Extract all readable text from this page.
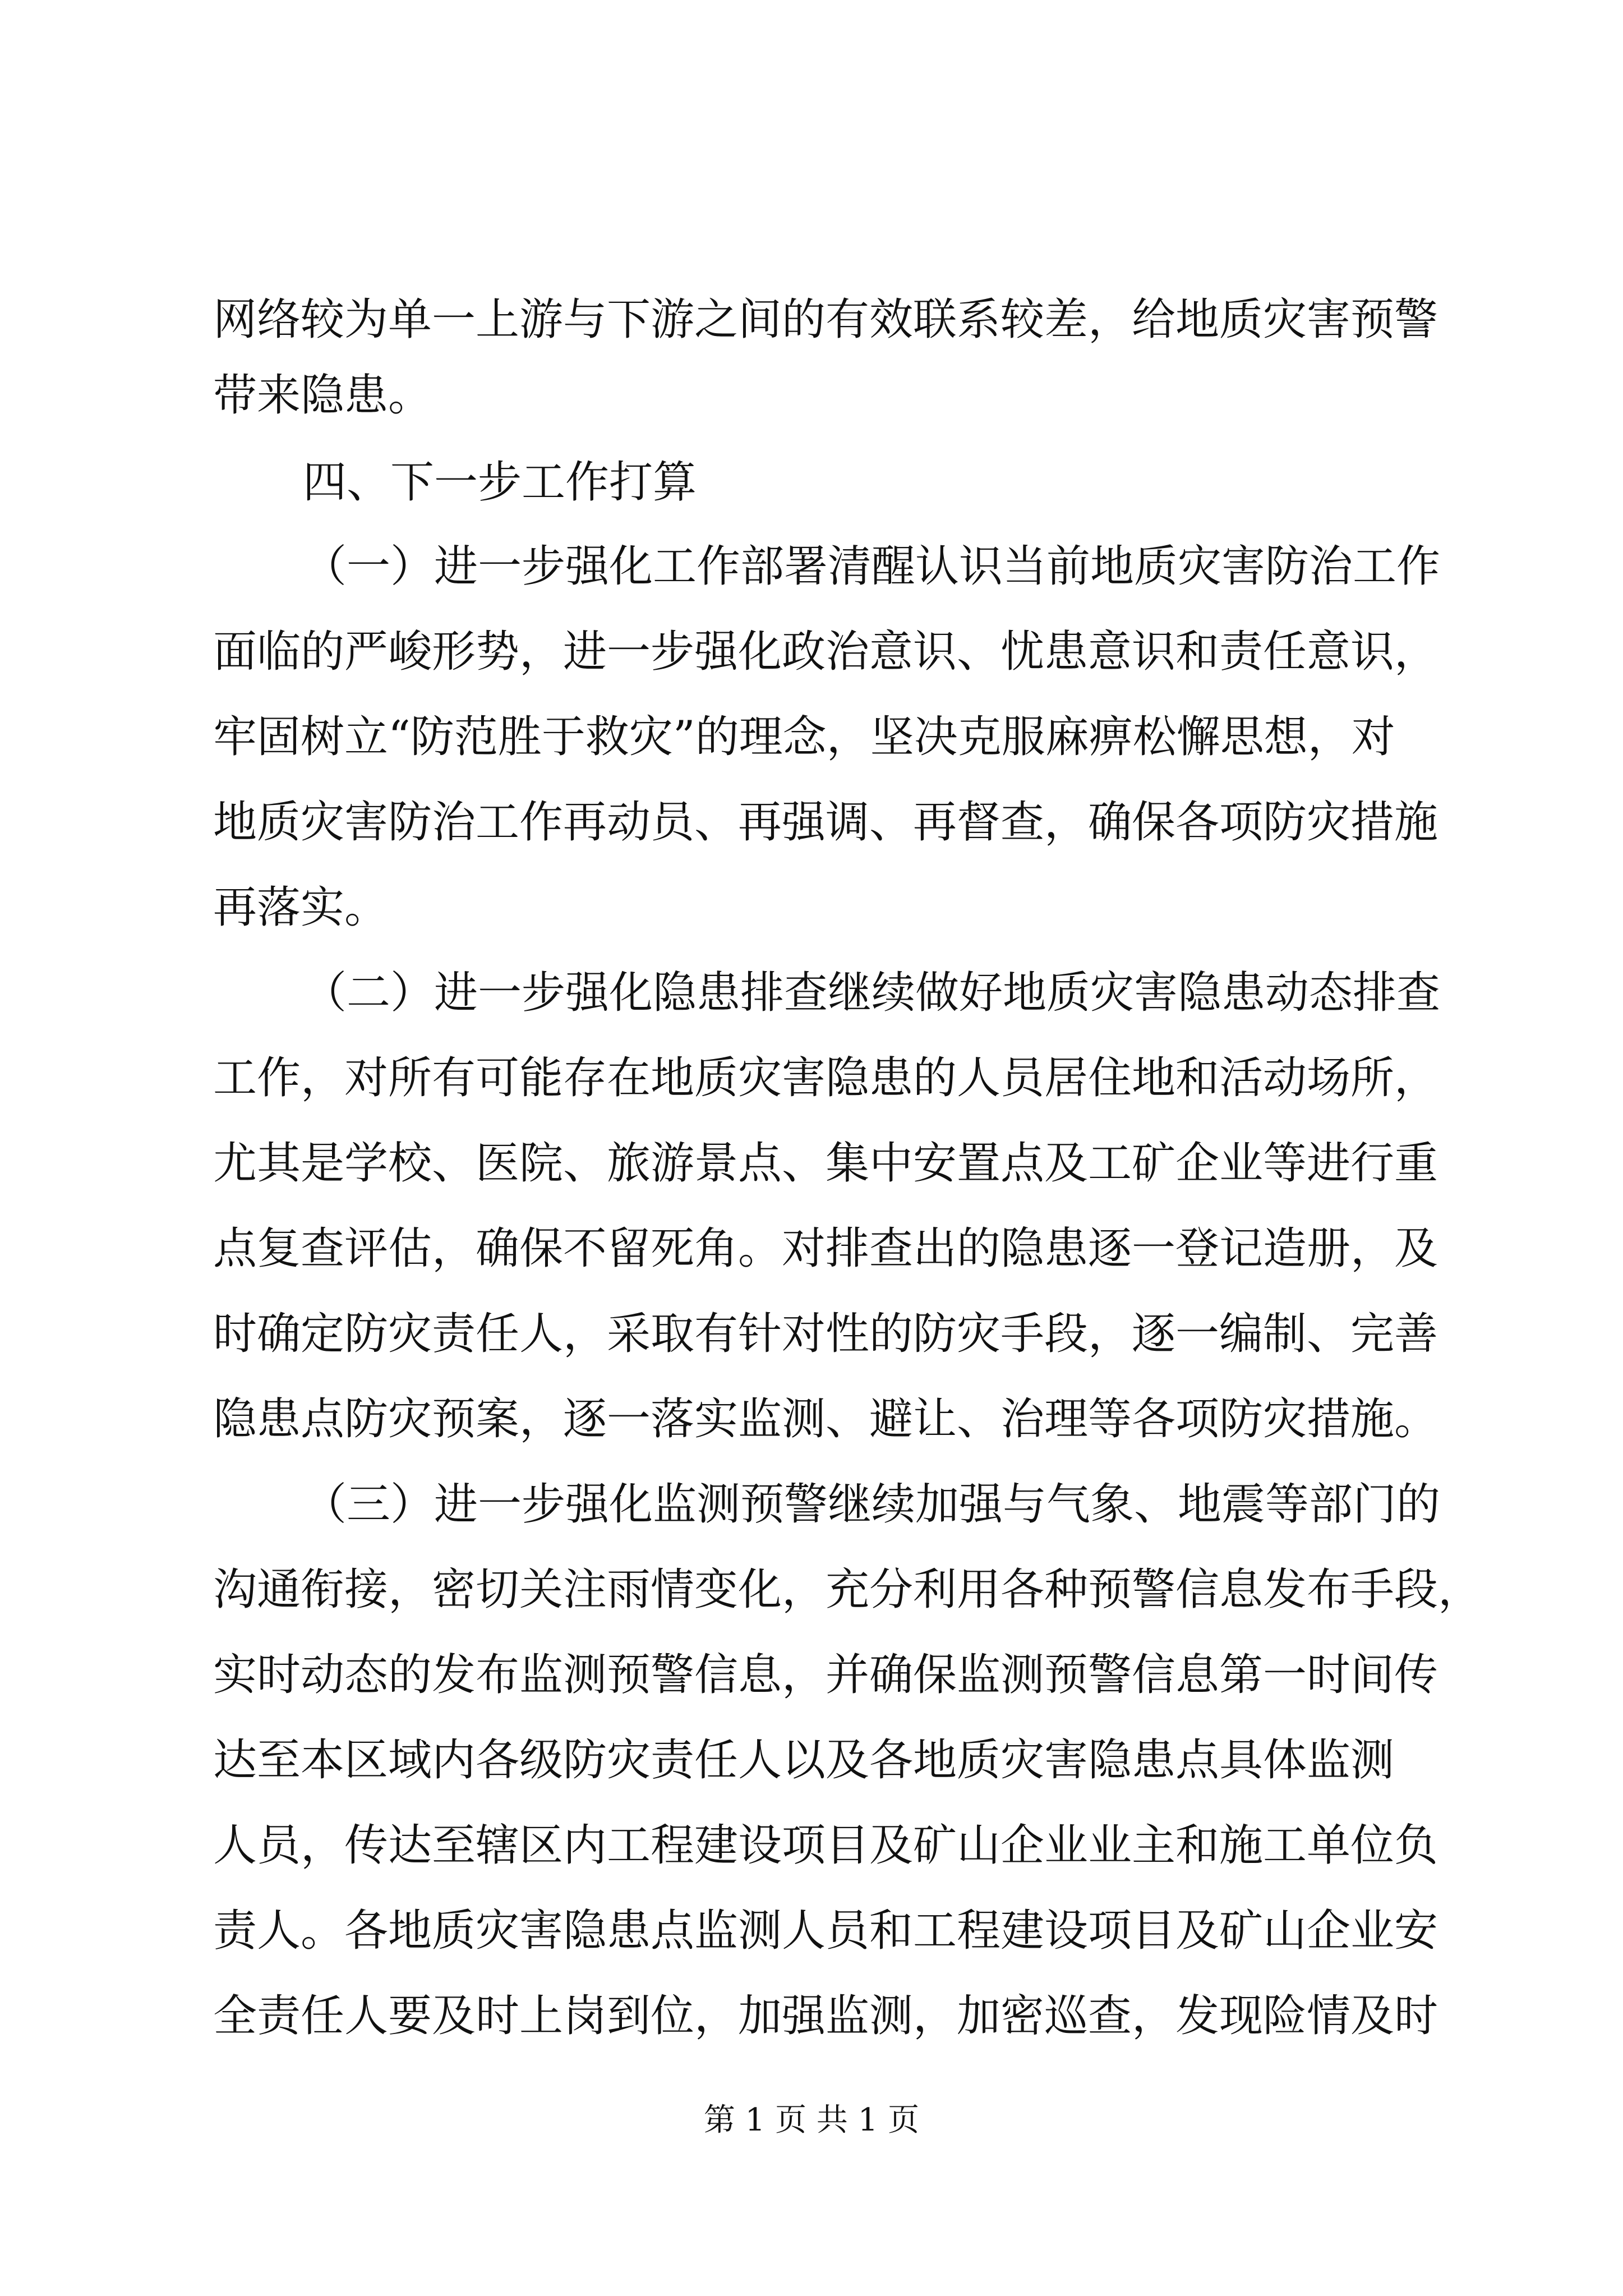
网络较为单一上游与下游之间的有效联系较差，给地质灾害预警
带来隐患。
四、下一步工作打算
（一）进一步强化工作部署清醒认识当前地质灾害防治工作
面临的严峻形势，进一步强化政治意识、忧患意识和责任意识，
牢固树立“防范胜于救灾”的理念，坚决克服麻痹松懈思想，对
地质灾害防治工作再动员、再强调、再督查，确保各项防灾措施
再落实。
（二）进一步强化隐患排查继续做好地质灾害隐患动态排查
工作，对所有可能存在地质灾害隐患的人员居住地和活动场所，
尤其是学校、医院、旅游景点、集中安置点及工矿企业等进行重
点复查评估，确保不留死角。对排查出的隐患逐一登记造册，及
时确定防灾责任人，采取有针对性的防灾手段，逐一编制、完善
隐患点防灾预案，逐一落实监测、避让、治理等各项防灾措施。
（三）进一步强化监测预警继续加强与气象、地震等部门的
沟通衔接，密切关注雨情变化，充分利用各种预警信息发布手段，
实时动态的发布监测预警信息，并确保监测预警信息第一时间传
达至本区域内各级防灾责任人以及各地质灾害隐患点具体监测
人员，传达至辖区内工程建设项目及矿山企业业主和施工单位负
责人。各地质灾害隐患点监测人员和工程建设项目及矿山企业安
全责任人要及时上岗到位，加强监测，加密巡查，发现险情及时
第 1 页 共 1 页
